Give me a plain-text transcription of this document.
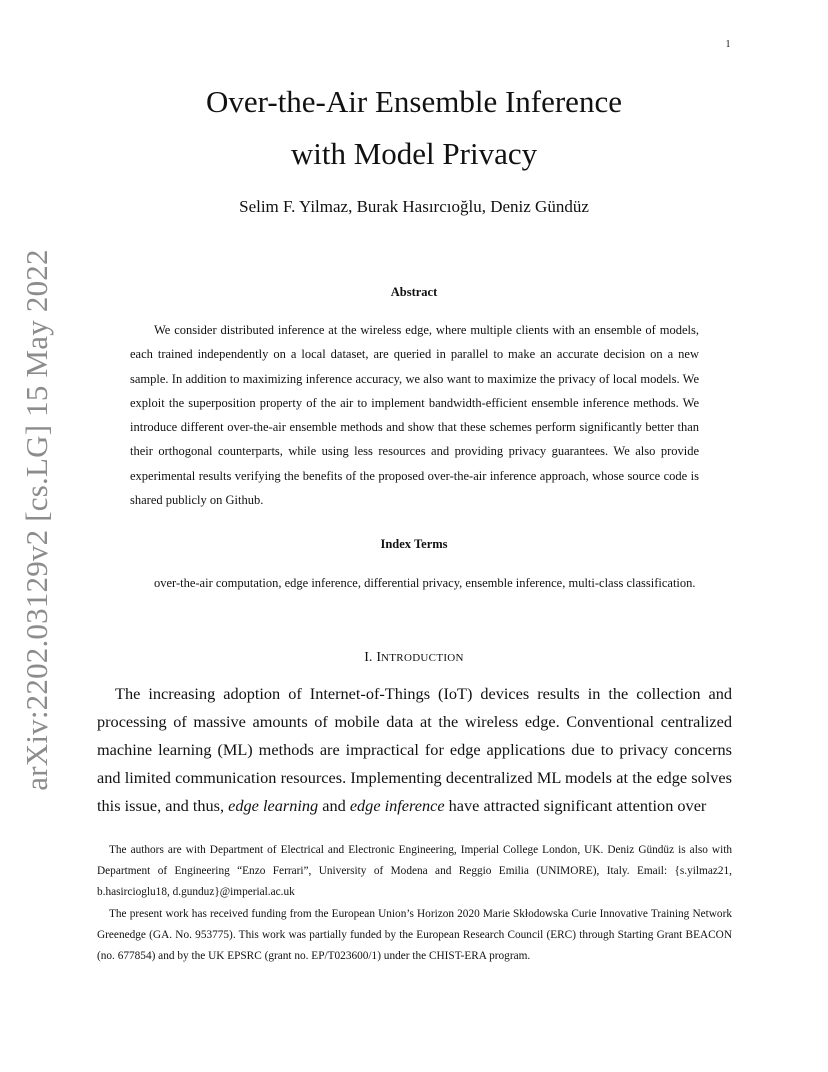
1
arXiv:2202.03129v2 [cs.LG] 15 May 2022
Over-the-Air Ensemble Inference
with Model Privacy
Selim F. Yilmaz, Burak Hasırcıoğlu, Deniz Gündüz
Abstract

We consider distributed inference at the wireless edge, where multiple clients with an ensemble of models, each trained independently on a local dataset, are queried in parallel to make an accurate decision on a new sample. In addition to maximizing inference accuracy, we also want to maximize the privacy of local models. We exploit the superposition property of the air to implement bandwidth-efficient ensemble inference methods. We introduce different over-the-air ensemble methods and show that these schemes perform significantly better than their orthogonal counterparts, while using less resources and providing privacy guarantees. We also provide experimental results verifying the benefits of the proposed over-the-air inference approach, whose source code is shared publicly on Github.

Index Terms

over-the-air computation, edge inference, differential privacy, ensemble inference, multi-class classification.

I. INTRODUCTION

The increasing adoption of Internet-of-Things (IoT) devices results in the collection and processing of massive amounts of mobile data at the wireless edge. Conventional centralized machine learning (ML) methods are impractical for edge applications due to privacy concerns and limited communication resources. Implementing decentralized ML models at the edge solves this issue, and thus, edge learning and edge inference have attracted significant attention over

The authors are with Department of Electrical and Electronic Engineering, Imperial College London, UK. Deniz Gündüz is also with Department of Engineering “Enzo Ferrari”, University of Modena and Reggio Emilia (UNIMORE), Italy. Email: {s.yilmaz21, b.hasircioglu18, d.gunduz}@imperial.ac.uk

The present work has received funding from the European Union’s Horizon 2020 Marie Skłodowska Curie Innovative Training Network Greenedge (GA. No. 953775). This work was partially funded by the European Research Council (ERC) through Starting Grant BEACON (no. 677854) and by the UK EPSRC (grant no. EP/T023600/1) under the CHIST-ERA program.
